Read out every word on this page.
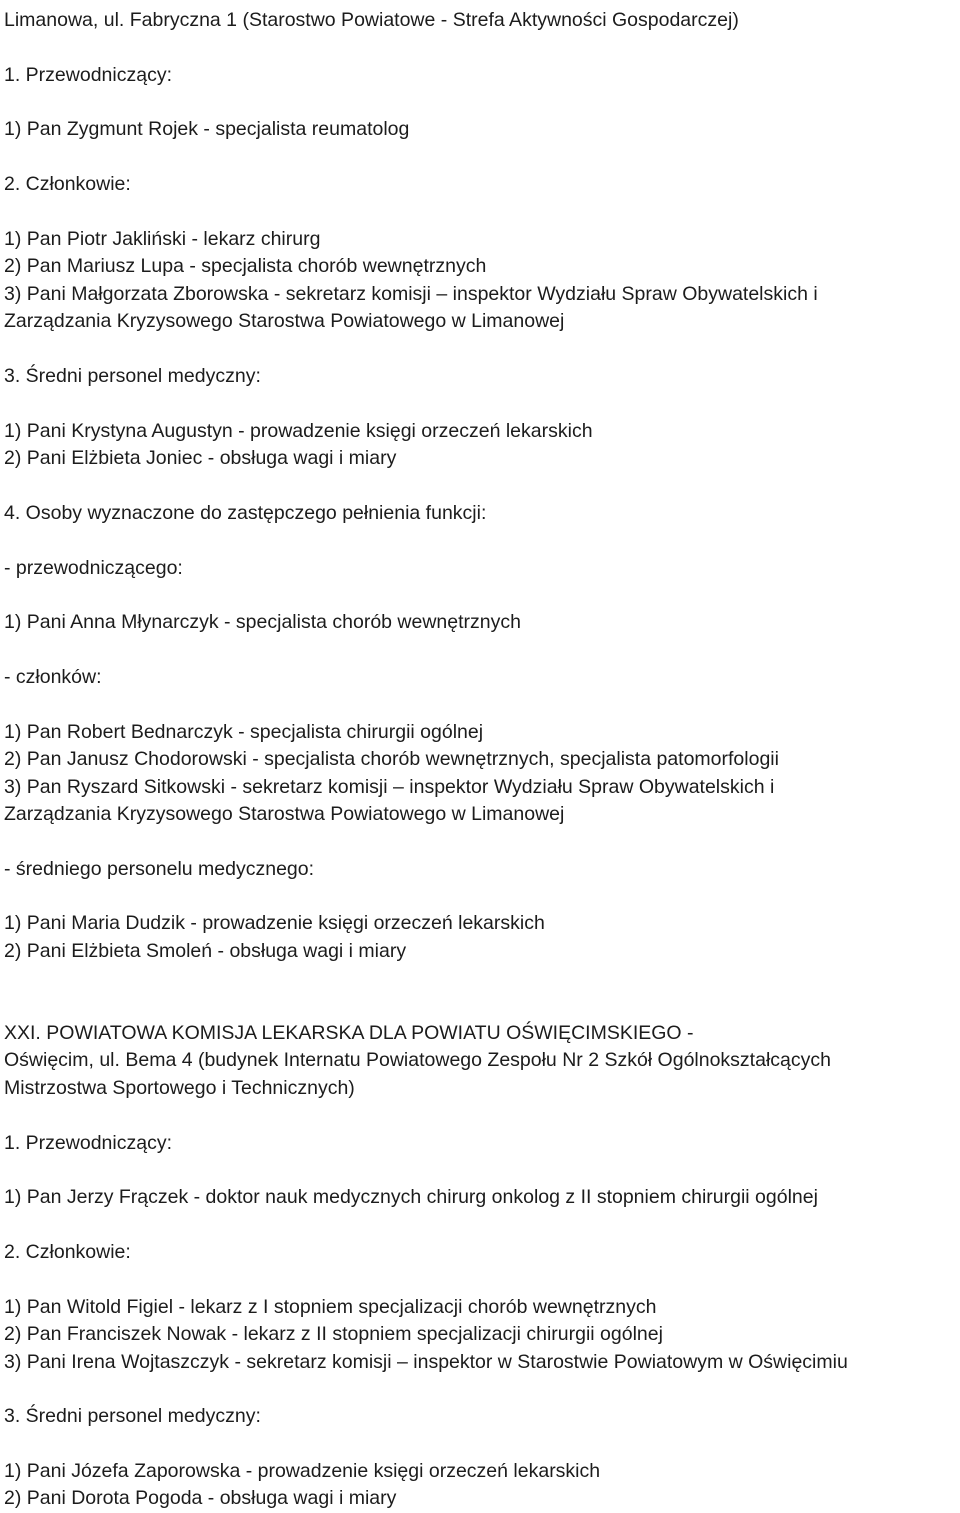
Limanowa, ul. Fabryczna 1 (Starostwo Powiatowe - Strefa Aktywności Gospodarczej)
1. Przewodniczący:
1) Pan Zygmunt Rojek - specjalista reumatolog
2. Członkowie:
1) Pan Piotr Jakliński - lekarz chirurg
2) Pan Mariusz Lupa - specjalista chorób wewnętrznych
3) Pani Małgorzata Zborowska - sekretarz komisji – inspektor Wydziału Spraw Obywatelskich i
Zarządzania Kryzysowego Starostwa Powiatowego w Limanowej
3. Średni personel medyczny:
1) Pani Krystyna Augustyn - prowadzenie księgi orzeczeń lekarskich
2) Pani Elżbieta Joniec - obsługa wagi i miary
4. Osoby wyznaczone do zastępczego pełnienia funkcji:
- przewodniczącego:
1) Pani Anna Młynarczyk - specjalista chorób wewnętrznych
- członków:
1) Pan Robert Bednarczyk - specjalista chirurgii ogólnej
2) Pan Janusz Chodorowski - specjalista chorób wewnętrznych, specjalista patomorfologii
3) Pan Ryszard Sitkowski - sekretarz komisji – inspektor Wydziału Spraw Obywatelskich i
Zarządzania Kryzysowego Starostwa Powiatowego w Limanowej
- średniego personelu medycznego:
1) Pani Maria Dudzik - prowadzenie księgi orzeczeń lekarskich
2) Pani Elżbieta Smoleń - obsługa wagi i miary
XXI. POWIATOWA KOMISJA LEKARSKA DLA POWIATU OŚWIĘCIMSKIEGO -
Oświęcim, ul. Bema 4 (budynek Internatu Powiatowego Zespołu Nr 2 Szkół Ogólnokształcących
Mistrzostwa Sportowego i Technicznych)
1. Przewodniczący:
1) Pan Jerzy Frączek - doktor nauk medycznych chirurg onkolog z II stopniem chirurgii ogólnej
2. Członkowie:
1) Pan Witold Figiel - lekarz z I stopniem specjalizacji chorób wewnętrznych
2) Pan Franciszek Nowak - lekarz z II stopniem specjalizacji chirurgii ogólnej
3) Pani Irena Wojtaszczyk - sekretarz komisji – inspektor w Starostwie Powiatowym w Oświęcimiu
3. Średni personel medyczny:
1) Pani Józefa Zaporowska - prowadzenie księgi orzeczeń lekarskich
2) Pani Dorota Pogoda - obsługa wagi i miary
